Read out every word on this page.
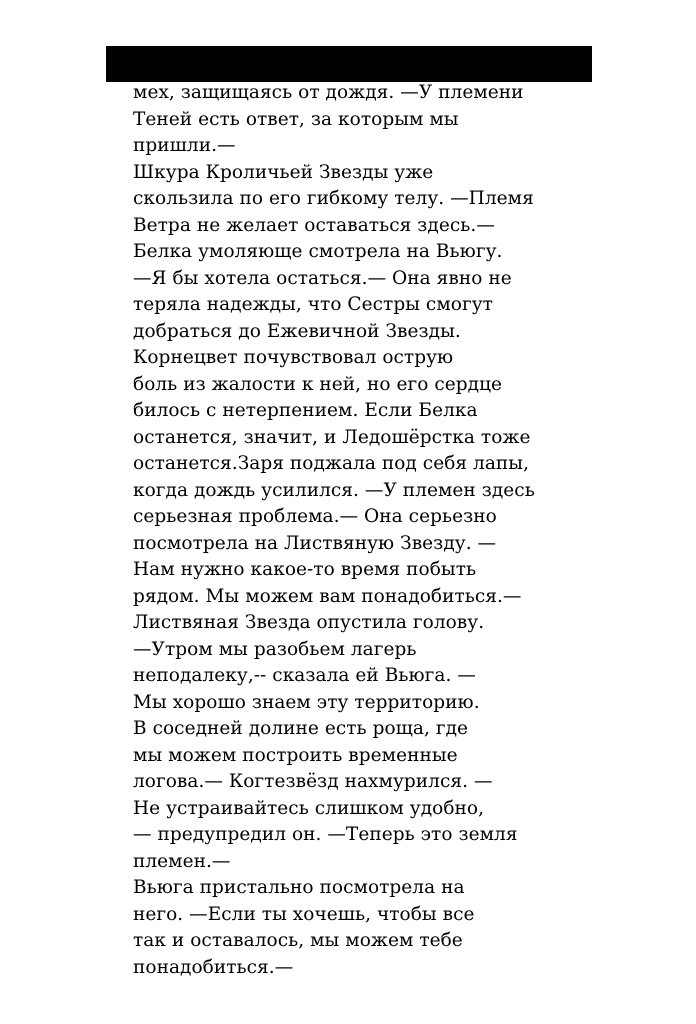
мех, защищаясь от дождя. —У племени
Теней есть ответ, за которым мы
пришли.—
Шкура Кроличьей Звезды уже
скользила по его гибкому телу. —Племя
Ветра не желает оставаться здесь.—
Белка умоляюще смотрела на Вьюгу.
—Я бы хотела остаться.— Она явно не
теряла надежды, что Сестры смогут
добраться до Ежевичной Звезды.
Корнецвет почувствовал острую
боль из жалости к ней, но его сердце
билось с нетерпением. Если Белка
останется, значит, и Ледошёрстка тоже
останется.Заря поджала под себя лапы,
когда дождь усилился. —У племен здесь
серьезная проблема.— Она серьезно
посмотрела на Листвяную Звезду. —
Нам нужно какое-то время побыть
рядом. Мы можем вам понадобиться.—
Листвяная Звезда опустила голову.
—Утром мы разобьем лагерь
неподалеку,-- сказала ей Вьюга. —
Мы хорошо знаем эту территорию.
В соседней долине есть роща, где
мы можем построить временные
логова.— Когтезвёзд нахмурился. —
Не устраивайтесь слишком удобно,
— предупредил он. —Теперь это земля
племен.—
Вьюга пристально посмотрела на
него. —Если ты хочешь, чтобы все
так и оставалось, мы можем тебе
понадобиться.—
